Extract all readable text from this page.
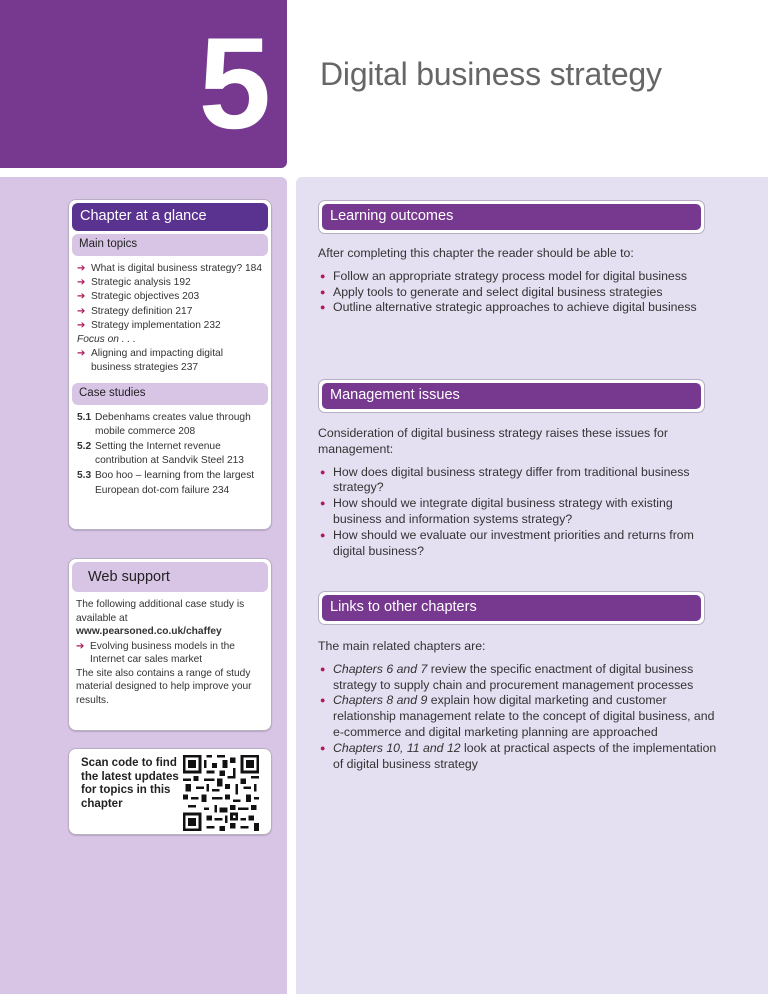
5 Digital business strategy
Chapter at a glance
Main topics
➔ What is digital business strategy? 184
➔ Strategic analysis 192
➔ Strategic objectives 203
➔ Strategy definition 217
➔ Strategy implementation 232
Focus on . . .
➔ Aligning and impacting digital business strategies 237
Case studies
5.1 Debenhams creates value through mobile commerce 208
5.2 Setting the Internet revenue contribution at Sandvik Steel 213
5.3 Boo hoo – learning from the largest European dot-com failure 234
Web support
The following additional case study is available at
www.pearsoned.co.uk/chaffey
➔ Evolving business models in the Internet car sales market
The site also contains a range of study material designed to help improve your results.
Scan code to find the latest updates for topics in this chapter
Learning outcomes
After completing this chapter the reader should be able to:
● Follow an appropriate strategy process model for digital business
● Apply tools to generate and select digital business strategies
● Outline alternative strategic approaches to achieve digital business
Management issues
Consideration of digital business strategy raises these issues for management:
● How does digital business strategy differ from traditional business strategy?
● How should we integrate digital business strategy with existing business and information systems strategy?
● How should we evaluate our investment priorities and returns from digital business?
Links to other chapters
The main related chapters are:
● Chapters 6 and 7 review the specific enactment of digital business strategy to supply chain and procurement management processes
● Chapters 8 and 9 explain how digital marketing and customer relationship management relate to the concept of digital business, and e-commerce and digital marketing planning are approached
● Chapters 10, 11 and 12 look at practical aspects of the implementation of digital business strategy
